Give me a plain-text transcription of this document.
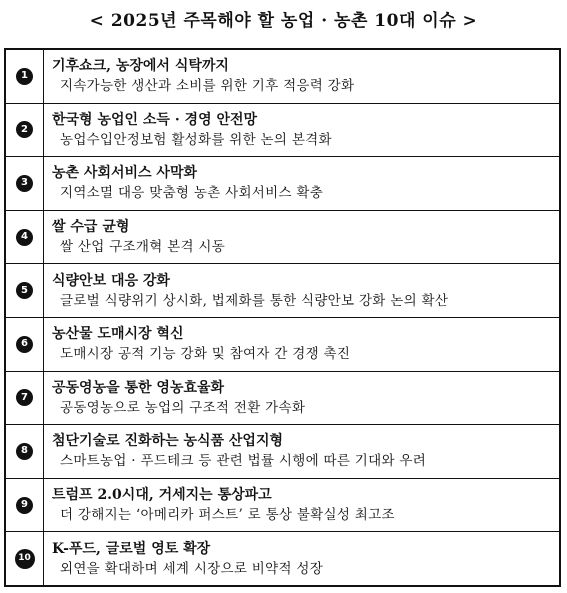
< 2025년 주목해야 할 농업 · 농촌 10대 이슈 >
1
기후쇼크, 농장에서 식탁까지
지속가능한 생산과 소비를 위한 기후 적응력 강화
2
한국형 농업인 소득 · 경영 안전망
농업수입안정보험 활성화를 위한 논의 본격화
3
농촌 사회서비스 사막화
지역소멸 대응 맞춤형 농촌 사회서비스 확충
4
쌀 수급 균형
쌀 산업 구조개혁 본격 시동
5
식량안보 대응 강화
글로벌 식량위기 상시화, 법제화를 통한 식량안보 강화 논의 확산
6
농산물 도매시장 혁신
도매시장 공적 기능 강화 및 참여자 간 경쟁 촉진
7
공동영농을 통한 영농효율화
공동영농으로 농업의 구조적 전환 가속화
8
첨단기술로 진화하는 농식품 산업지형
스마트농업 · 푸드테크 등 관련 법률 시행에 따른 기대와 우려
9
트럼프 2.0시대, 거세지는 통상파고
더 강해지는 ‘아메리카 퍼스트’ 로 통상 불확실성 최고조
10
K-푸드, 글로벌 영토 확장
외연을 확대하며 세계 시장으로 비약적 성장
